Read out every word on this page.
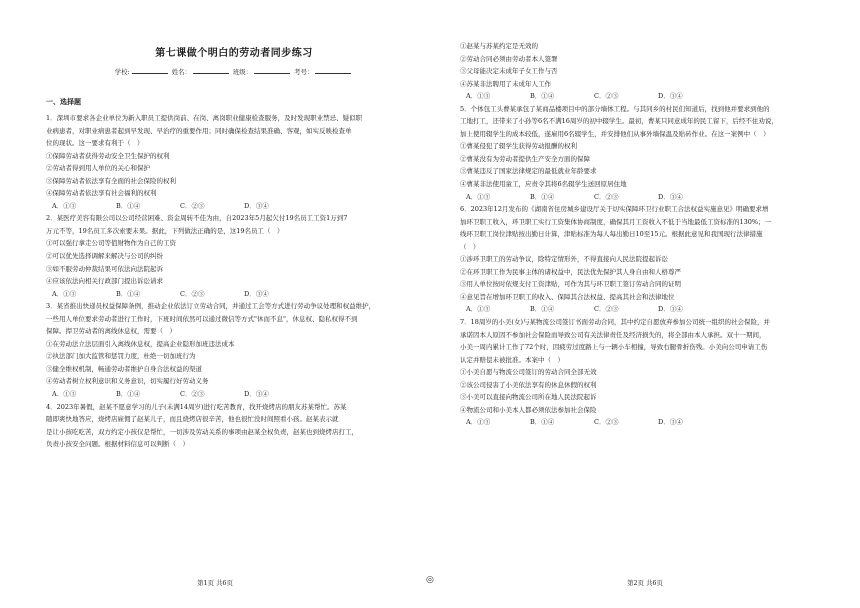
第七课做个明白的劳动者同步练习
学校:	姓名：	班级：	考号：
一、选择题
1．深圳市要求各企业单位为新入职员工提供岗前、在岗、离岗职业健康检查服务，及时发现职业禁忌、疑似职
业病患者，对职业病患者起到早发现、早治疗的重要作用；同时确保检查结果准确、客观，如实反映检查单
位的现状。这一要求有利于（　）
①保障劳动者获得劳动安全卫生保护的权利
②劳动者得到用人单位的关心和保护
③保障劳动者依法享有全面的社会保险的权利
④保障劳动者依法享有社会福利的权利
A．①③	B．①④	C．②③	D．③④
2．某医疗美容有限公司以公司经营困难、资金周转不佳为由，自2023年5月起欠付19名员工工资1万到7
万元不等，19名员工多次索要未果。据此，下列做法正确的是，这19名员工（　）
①可以强行拿走公司等值财物作为自己的工资
②可以优先选择调解来解决与公司的纠纷
③如不服劳动仲裁结果可依法向法院起诉
④应该依法向相关行政部门提出诉讼请求
A．①③	B．①④	C．②③	D．③④
3．某省推出快递员权益保障条例，推动企业依法订立劳动合同，并通过工会等方式进行劳动争议处理和权益维护，
一些用人单位要求劳动者进行工作时，下班时间依然可以通过微信等方式"休而不息"，休息权、隐私权得不到
保障。捍卫劳动者的离线休息权，需要（　）
①在劳动法立法层面引入离线休息权，提高企业隐形加班违法成本
②执法部门加大监管和惩罚力度，杜绝一切加班行为
③健全维权机制，畅通劳动者维护自身合法权益的渠道
④劳动者树立权利意识和义务意识，切实履行好劳动义务
A．①③	B．①④	C．②③	D．③④
4．2023年暑假，赵某不愿意学习的儿子(未满14周岁)进行吃苦教育，找开烧烤店的朋友苏某帮忙。苏某
随即爽快地答应，烧烤店雇佣了赵某儿子，而且烧烤店很辛苦，他也很忙没时间照看小孩。赵某表示就
是让小孩吃吃苦，双方约定小孩仅是帮忙，一切涉及劳动关系的事项由赵某全权负责，赵某也到烧烤店打工，
负责小孩安全问题。根据材料信息可以判断（　）
①赵某与苏某约定是无效的
②劳动合同必须由劳动者本人签署
③父母能决定未成年子女工作与否
④苏某非法聘用了未成年人工作
A．①③	B．①④	C．②③	D．③④
5．个体包工头曹某承包了某商品楼项目中的部分墙体工程。与其同乡的村民们知道后，找到他并要求到他的
工地打工，还带来了小孙等6名不满16周岁的初中辍学生。最初，曹某只同意成年的民工留下，后经不住劝说，
加上使用辍学生的成本较低，遂雇用6名辍学生，并安排他们从事外墙保温及贴砖作业。在这一案例中（　）
①曹某侵犯了辍学生获得劳动报酬的权利
②曹某没有为劳动者提供生产安全方面的保障
③曹某违反了国家法律规定的最低就业年龄要求
④曹某非法使用童工，应责令其将6名辍学生送回原居住地
A．①③	B．①④	C．②③	D．③④
6．2023年12月发布的《湖南省住房城乡建设厅关于切实保障环卫行业职工合法权益实施意见》明确要求增
加环卫职工收入，环卫职工实行工资集体协商制度，确保其月工资收入不低于当地最低工资标准的130%；一
线环卫职工岗位津贴按出勤日计算，津贴标准为每人每出勤日10至15元。根据此意见和我国现行法律措施
（　）
①涉环卫职工的劳动争议，除特定情形外，不得直接向人民法院提起诉讼
②在环卫职工作为民事主体的诸权益中，民法优先保护其人身自由和人格尊严
③用人单位按时依规支付工资津贴，可作为其与环卫职工签订劳动合同的证明
④意见旨在增加环卫职工的收入、保障其合法权益、提高其社会和法律地位
A．①③	B．①④	C．②③	D．③④
7．18周岁的小美(女)与某物流公司签订书面劳动合同，其中约定自愿放弃参加公司统一组织的社会保险，并
承诺因本人原因不参加社会保险而导致公司有关法律责任及经济损失的，将全部由本人承担。双十一期间，
小美一周内累计工作了72个时，因疲劳过度路上与一辆小车相撞，导致右腿骨折伤残。小美向公司申请工伤
认定并赔偿未被批准。本案中（　）
①小美自愿与物流公司签订的劳动合同全部无效
②该公司侵害了小美依法享有的休息休假的权利
③小美可以直接向物流公司所在地人民法院起诉
④物流公司和小美本人都必须依法参加社会保险
A．①③	B．①④	C．②③	D．③④
第1页 共6页	◎	第2页 共6页
